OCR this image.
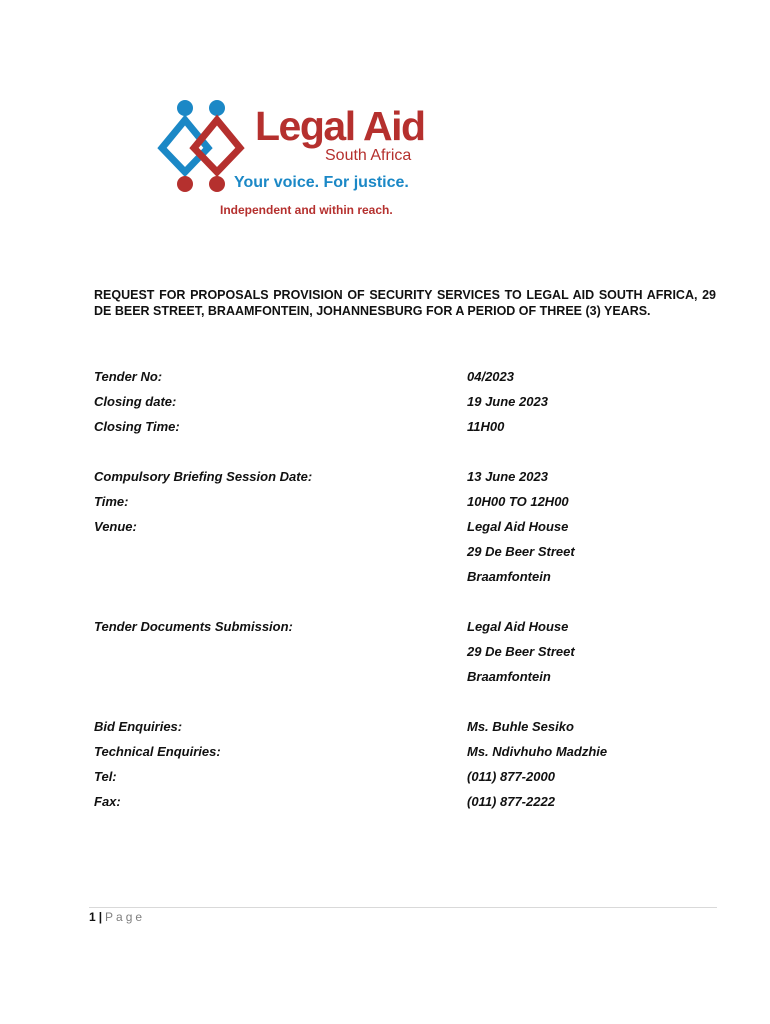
Legal Aid
South Africa
Your voice. For justice.
Independent and within reach.

REQUEST FOR PROPOSALS PROVISION OF SECURITY SERVICES TO LEGAL AID SOUTH AFRICA, 29 DE BEER STREET, BRAAMFONTEIN, JOHANNESBURG FOR A PERIOD OF THREE (3) YEARS.

Tender No:	04/2023
Closing date:	19 June 2023
Closing Time:	11H00
Compulsory Briefing Session Date:	13 June 2023
Time:	10H00 TO 12H00
Venue:	Legal Aid House
29 De Beer Street
Braamfontein
Tender Documents Submission:	Legal Aid House
29 De Beer Street
Braamfontein
Bid Enquiries:	Ms. Buhle Sesiko
Technical Enquiries:	Ms. Ndivhuho Madzhie
Tel:	(011) 877-2000
Fax:	(011) 877-2222
1 | Page
